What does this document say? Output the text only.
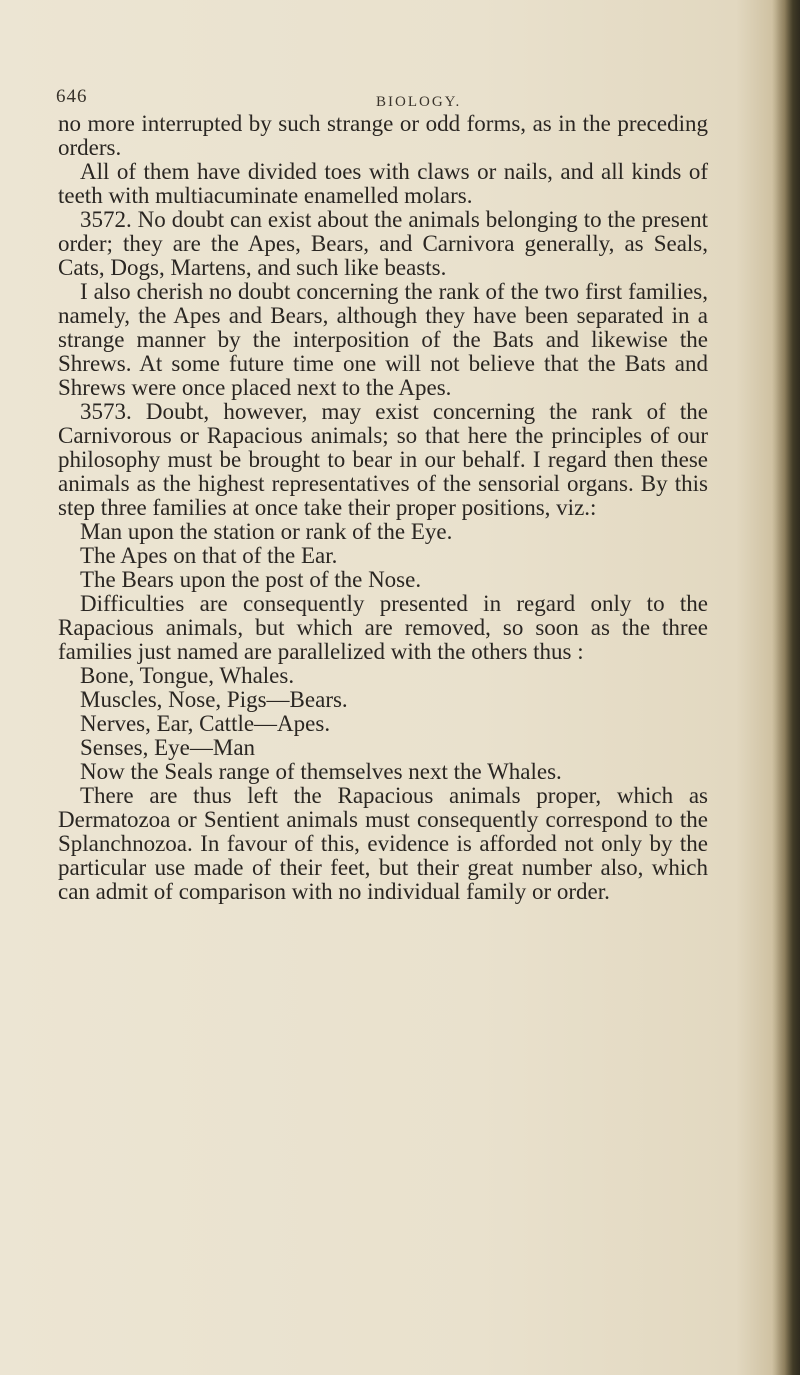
646	BIOLOGY.

no more interrupted by such strange or odd forms, as in the preceding orders.

All of them have divided toes with claws or nails, and all kinds of teeth with multiacuminate enamelled molars.

3572. No doubt can exist about the animals belonging to the present order; they are the Apes, Bears, and Carnivora generally, as Seals, Cats, Dogs, Martens, and such like beasts.

I also cherish no doubt concerning the rank of the two first families, namely, the Apes and Bears, although they have been separated in a strange manner by the interposition of the Bats and likewise the Shrews. At some future time one will not believe that the Bats and Shrews were once placed next to the Apes.

3573. Doubt, however, may exist concerning the rank of the Carnivorous or Rapacious animals; so that here the principles of our philosophy must be brought to bear in our behalf. I regard then these animals as the highest representatives of the sensorial organs. By this step three families at once take their proper positions, viz.:

Man upon the station or rank of the Eye.

The Apes on that of the Ear.

The Bears upon the post of the Nose.

Difficulties are consequently presented in regard only to the Rapacious animals, but which are removed, so soon as the three families just named are parallelized with the others thus :

Bone, Tongue, Whales.

Muscles, Nose, Pigs—Bears.

Nerves, Ear, Cattle—Apes.

Senses, Eye—Man

Now the Seals range of themselves next the Whales.

There are thus left the Rapacious animals proper, which as Dermatozoa or Sentient animals must consequently correspond to the Splanchnozoa. In favour of this, evidence is afforded not only by the particular use made of their feet, but their great number also, which can admit of comparison with no individual family or order.
